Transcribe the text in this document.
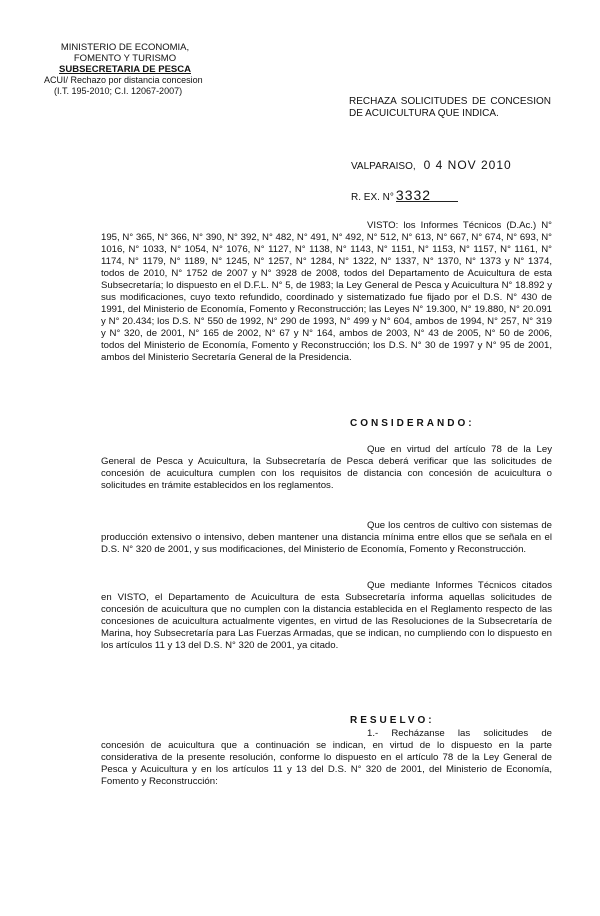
MINISTERIO DE ECONOMIA,
FOMENTO Y TURISMO
SUBSECRETARIA DE PESCA
ACUI/ Rechazo por distancia concesion
(I.T. 195-2010; C.I. 12067-2007)
RECHAZA SOLICITUDES DE CONCESION DE ACUICULTURA QUE INDICA.
VALPARAISO, 0 4 NOV 2010
R. EX. N° 3332
VISTO: los Informes Técnicos (D.Ac.) N° 195, N° 365, N° 366, N° 390, N° 392, N° 482, N° 491, N° 492, N° 512, N° 613, N° 667, N° 674, N° 693, N° 1016, N° 1033, N° 1054, N° 1076, N° 1127, N° 1138, N° 1143, N° 1151, N° 1153, N° 1157, N° 1161, N° 1174, N° 1179, N° 1189, N° 1245, N° 1257, N° 1284, N° 1322, N° 1337, N° 1370, N° 1373 y N° 1374, todos de 2010, N° 1752 de 2007 y N° 3928 de 2008, todos del Departamento de Acuicultura de esta Subsecretaría; lo dispuesto en el D.F.L. N° 5, de 1983; la Ley General de Pesca y Acuicultura N° 18.892 y sus modificaciones, cuyo texto refundido, coordinado y sistematizado fue fijado por el D.S. N° 430 de 1991, del Ministerio de Economía, Fomento y Reconstrucción; las Leyes N° 19.300, N° 19.880, N° 20.091 y N° 20.434; los D.S. N° 550 de 1992, N° 290 de 1993, N° 499 y N° 604, ambos de 1994, N° 257, N° 319 y N° 320, de 2001, N° 165 de 2002, N° 67 y N° 164, ambos de 2003, N° 43 de 2005, N° 50 de 2006, todos del Ministerio de Economía, Fomento y Reconstrucción; los D.S. N° 30 de 1997 y N° 95 de 2001, ambos del Ministerio Secretaría General de la Presidencia.
CONSIDERANDO:
Que en virtud del artículo 78 de la Ley General de Pesca y Acuicultura, la Subsecretaría de Pesca deberá verificar que las solicitudes de concesión de acuicultura cumplen con los requisitos de distancia con concesión de acuicultura o solicitudes en trámite establecidos en los reglamentos.
Que los centros de cultivo con sistemas de producción extensivo o intensivo, deben mantener una distancia mínima entre ellos que se señala en el D.S. N° 320 de 2001, y sus modificaciones, del Ministerio de Economía, Fomento y Reconstrucción.
Que mediante Informes Técnicos citados en VISTO, el Departamento de Acuicultura de esta Subsecretaría informa aquellas solicitudes de concesión de acuicultura que no cumplen con la distancia establecida en el Reglamento respecto de las concesiones de acuicultura actualmente vigentes, en virtud de las Resoluciones de la Subsecretaría de Marina, hoy Subsecretaría para Las Fuerzas Armadas, que se indican, no cumpliendo con lo dispuesto en los artículos 11 y 13 del D.S. N° 320 de 2001, ya citado.
RESUELVO:
1.- Recházanse las solicitudes de concesión de acuicultura que a continuación se indican, en virtud de lo dispuesto en la parte considerativa de la presente resolución, conforme lo dispuesto en el artículo 78 de la Ley General de Pesca y Acuicultura y en los artículos 11 y 13 del D.S. N° 320 de 2001, del Ministerio de Economía, Fomento y Reconstrucción:
